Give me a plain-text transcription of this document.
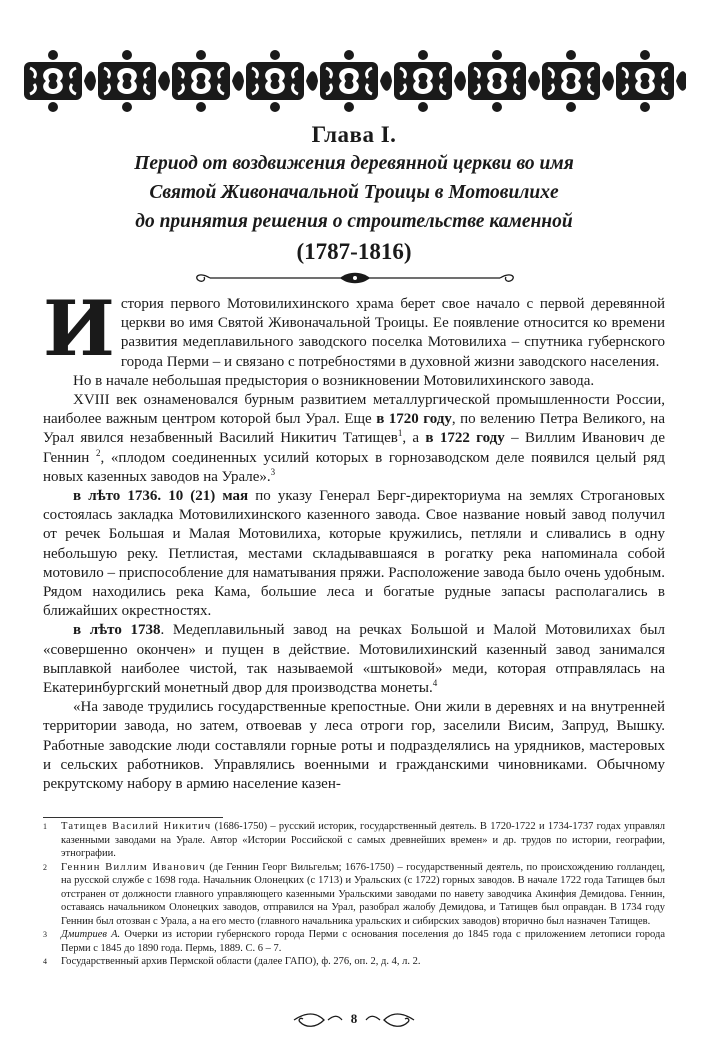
Глава I.
Период от воздвижения деревянной церкви во имя
Святой Живоначальной Троицы в Мотовилихе
до принятия решения о строительстве каменной
(1787-1816)

История первого Мотовилихинского храма берет свое начало с первой деревянной церкви во имя Святой Живоначальной Троицы. Ее появление относится ко времени развития медеплавильного заводского поселка Мотовилиха – спутника губернского города Перми – и связано с потребностями в духовной жизни заводского населения.

Но в начале небольшая предыстория о возникновении Мотовилихинского завода.

XVIII век ознаменовался бурным развитием металлургической промышленности России, наиболее важным центром которой был Урал. Еще в 1720 году, по велению Петра Великого, на Урал явился незабвенный Василий Никитич Татищев$^1$, а в 1722 году – Виллим Иванович де Геннин $^2$, «плодом соединенных усилий которых в горнозаводском деле появился целый ряд новых казенных заводов на Урале».$^3$

в лѣто 1736. 10 (21) мая по указу Генерал Берг-директориума на землях Строгановых состоялась закладка Мотовилихинского казенного завода. Свое название новый завод получил от речек Большая и Малая Мотовилиха, которые кружились, петляли и сливались в одну небольшую реку. Петлистая, местами складывавшаяся в рогатку река напоминала собой мотовило – приспособление для наматывания пряжи. Расположение завода было очень удобным. Рядом находились река Кама, большие леса и богатые рудные запасы располагались в ближайших окрестностях.

в лѣто 1738. Медеплавильный завод на речках Большой и Малой Мотовилихах был «совершенно окончен» и пущен в действие. Мотовилихинский казенный завод занимался выплавкой наиболее чистой, так называемой «штыковой» меди, которая отправлялась на Екатеринбургский монетный двор для производства монеты.$^4$

«На заводе трудились государственные крепостные. Они жили в деревнях и на внутренней территории завода, но затем, отвоевав у леса отроги гор, заселили Висим, Запруд, Вышку. Работные заводские люди составляли горные роты и подразделялись на урядников, мастеровых и сельских работников. Управлялись военными и гражданскими чиновниками. Обычному рекрутскому набору в армию население казен-

1 Татищев Василий Никитич (1686-1750) – русский историк, государственный деятель. В 1720-1722 и 1734-1737 годах управлял казенными заводами на Урале. Автор «Истории Российской с самых древнейших времен» и др. трудов по истории, географии, этнографии.
2 Геннин Виллим Иванович (де Геннин Георг Вильгельм; 1676-1750) – государственный деятель, по происхождению голландец, на русской службе с 1698 года. Начальник Олонецких (с 1713) и Уральских (с 1722) горных заводов. В начале 1722 года Татищев был отстранен от должности главного управляющего казенными Уральскими заводами по навету заводчика Акинфия Демидова. Геннин, оставаясь начальником Олонецких заводов, отправился на Урал, разобрал жалобу Демидова, и Татищев был оправдан. В 1734 году Геннин был отозван с Урала, а на его место (главного начальника уральских и сибирских заводов) вторично был назначен Татищев.
3 Дмитриев А. Очерки из истории губернского города Перми с основания поселения до 1845 года с приложением летописи города Перми с 1845 до 1890 года. Пермь, 1889. С. 6 – 7.
4 Государственный архив Пермской области (далее ГАПО), ф. 276, оп. 2, д. 4, л. 2.
8
